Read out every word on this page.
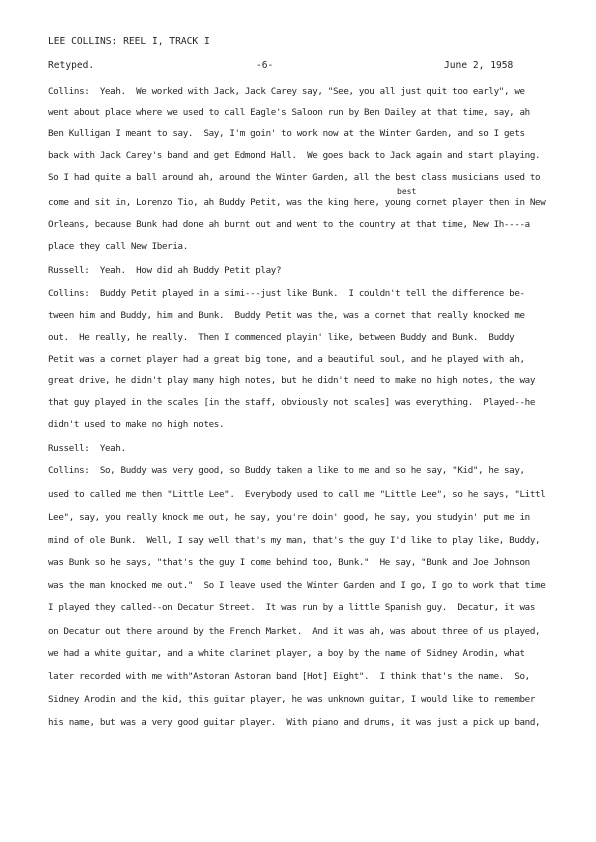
LEE COLLINS: REEL I, TRACK I
Retyped.	-6-	June 2, 1958
best
Collins:  Yeah.  We worked with Jack, Jack Carey say, "See, you all just quit too early", we
went about place where we used to call Eagle's Saloon run by Ben Dailey at that time, say, ah
Ben Kulligan I meant to say.  Say, I'm goin' to work now at the Winter Garden, and so I gets
back with Jack Carey's band and get Edmond Hall.  We goes back to Jack again and start playing.
So I had quite a ball around ah, around the Winter Garden, all the best class musicians used to
come and sit in, Lorenzo Tio, ah Buddy Petit, was the king here, young cornet player then in New
Orleans, because Bunk had done ah burnt out and went to the country at that time, New Ih----a
place they call New Iberia.
Russell:  Yeah.  How did ah Buddy Petit play?
Collins:  Buddy Petit played in a simi---just like Bunk.  I couldn't tell the difference be-
tween him and Buddy, him and Bunk.  Buddy Petit was the, was a cornet that really knocked me
out.  He really, he really.  Then I commenced playin' like, between Buddy and Bunk.  Buddy
Petit was a cornet player had a great big tone, and a beautiful soul, and he played with ah,
great drive, he didn't play many high notes, but he didn't need to make no high notes, the way
that guy played in the scales [in the staff, obviously not scales] was everything.  Played--he
didn't used to make no high notes.
Russell:  Yeah.
Collins:  So, Buddy was very good, so Buddy taken a like to me and so he say, "Kid", he say,
used to called me then "Little Lee".  Everybody used to call me "Little Lee", so he says, "Littl
Lee", say, you really knock me out, he say, you're doin' good, he say, you studyin' put me in
mind of ole Bunk.  Well, I say well that's my man, that's the guy I'd like to play like, Buddy,
was Bunk so he says, "that's the guy I come behind too, Bunk."  He say, "Bunk and Joe Johnson
was the man knocked me out."  So I leave used the Winter Garden and I go, I go to work that time
I played they called--on Decatur Street.  It was run by a little Spanish guy.  Decatur, it was
on Decatur out there around by the French Market.  And it was ah, was about three of us played,
we had a white guitar, and a white clarinet player, a boy by the name of Sidney Arodin, what
later recorded with me with"Astoran Astoran band [Hot] Eight".  I think that's the name.  So,
Sidney Arodin and the kid, this guitar player, he was unknown guitar, I would like to remember
his name, but was a very good guitar player.  With piano and drums, it was just a pick up band,
